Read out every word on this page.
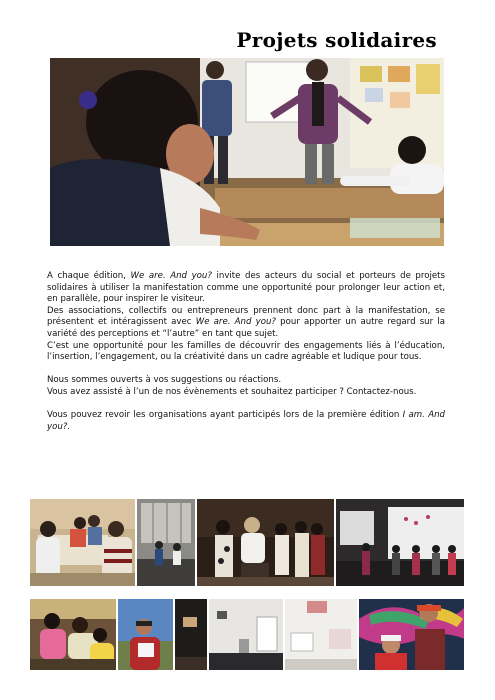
Projets solidaires

A chaque édition, We are. And you? invite des acteurs du social et porteurs de projets solidaires à utiliser la manifestation comme une opportunité pour prolonger leur action et, en parallèle, pour inspirer le visiteur.

Des associations, collectifs ou entrepreneurs prennent donc part à la manifestation, se présentent et intéragissent avec We are. And you? pour apporter un autre regard sur la variété des perceptions et “l’autre” en tant que sujet.

C’est une opportunité pour les familles de découvrir des engagements liés à l’éducation, l’insertion, l’engagement, ou la créativité dans un cadre agréable et ludique pour tous.

Nous sommes ouverts à vos suggestions ou réactions.

Vous avez assisté à l’un de nos évènements et souhaitez participer ? Contactez-nous.

Vous pouvez revoir les organisations ayant participés lors de la première édition I am. And you?.
